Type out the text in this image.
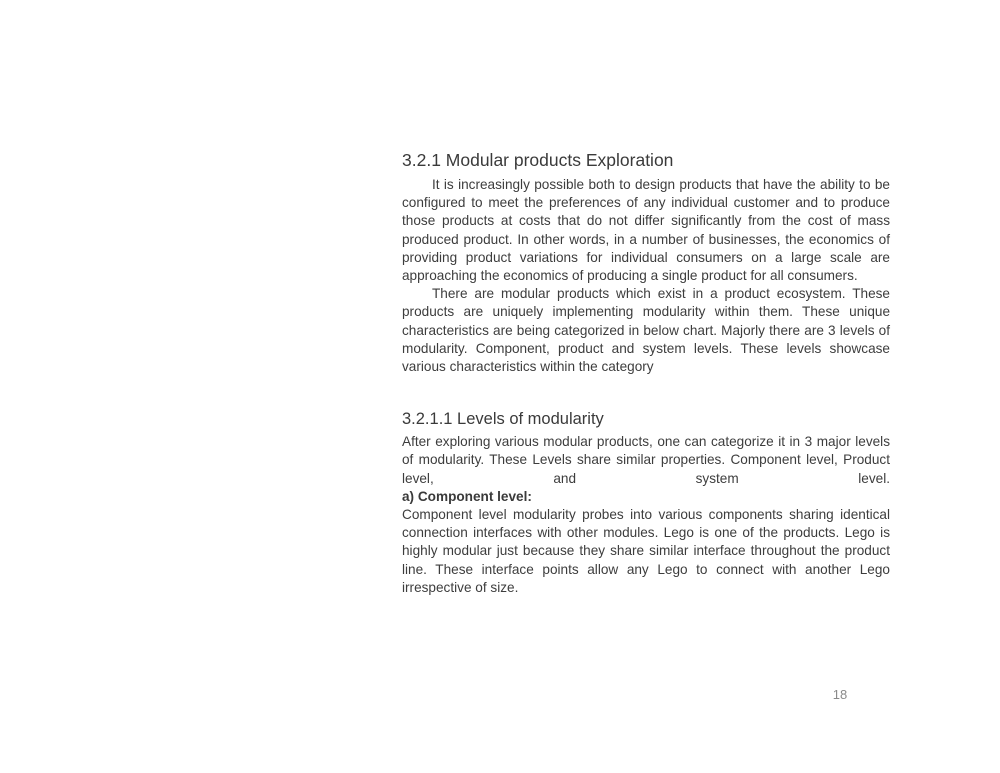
3.2.1 Modular products Exploration

It is increasingly possible both to design products that have the ability to be configured to meet the preferences of any individual customer and to produce those products at costs that do not differ significantly from the cost of mass produced product. In other words, in a number of businesses, the economics of providing product variations for individual consumers on a large scale are approaching the economics of producing a single product for all consumers.

There are modular products which exist in a product ecosystem. These products are uniquely implementing modularity within them. These unique characteristics are being categorized in below chart. Majorly there are 3 levels of modularity. Component, product and system levels. These levels showcase various characteristics within the category

3.2.1.1 Levels of modularity

After exploring various modular products, one can categorize it in 3 major levels of modularity. These Levels share similar properties. Component level, Product level, and system level.

a) Component level:

Component level modularity probes into various components sharing identical connection interfaces with other modules. Lego is one of the products. Lego is highly modular just because they share similar interface throughout the product line. These interface points allow any Lego to connect with another Lego irrespective of size.

18
